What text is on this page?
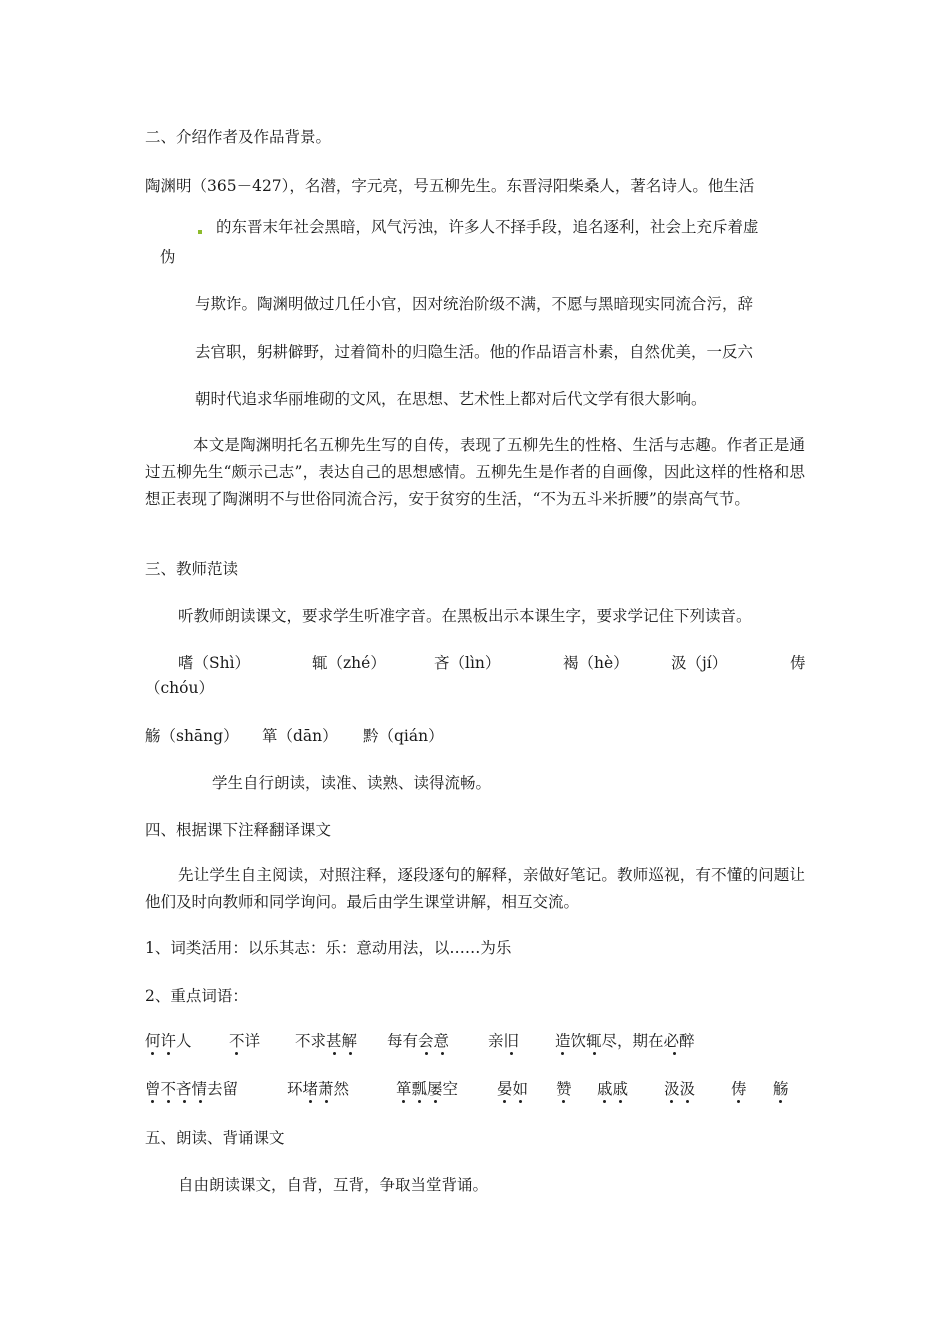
二、介绍作者及作品背景。
陶渊明（365－427），名潜，字元亮，号五柳先生。东晋浔阳柴桑人，著名诗人。他生活
的东晋末年社会黑暗，风气污浊，许多人不择手段，追名逐利，社会上充斥着虚
伪
与欺诈。陶渊明做过几任小官，因对统治阶级不满，不愿与黑暗现实同流合污，辞
去官职，躬耕僻野，过着简朴的归隐生活。他的作品语言朴素，自然优美，一反六
朝时代追求华丽堆砌的文风，在思想、艺术性上都对后代文学有很大影响。
本文是陶渊明托名五柳先生写的自传，表现了五柳先生的性格、生活与志趣。作者正是通过五柳先生“颇示己志”，表达自己的思想感情。五柳先生是作者的自画像，因此这样的性格和思想正表现了陶渊明不与世俗同流合污，安于贫穷的生活，“不为五斗米折腰”的崇高气节。
三、教师范读
听教师朗读课文，要求学生听准字音。在黑板出示本课生字，要求学记住下列读音。
嗜（Shì）	辄（zhé）	吝（lìn）	褐（hè）	汲（jí）	俦
（chóu）
觞（shāng） 箪（dān） 黔（qián）
学生自行朗读，读准、读熟、读得流畅。
四、根据课下注释翻译课文
先让学生自主阅读，对照注释，逐段逐句的解释，亲做好笔记。教师巡视，有不懂的问题让他们及时向教师和同学询问。最后由学生课堂讲解，相互交流。
1、词类活用：以乐其志：乐：意动用法，以……为乐
2、重点词语：
何许人 不详 不求甚解 每有会意	亲旧 造饮辄尽，期在必醉
曾不吝情去留	环堵萧然	箪瓢屡空	晏如 赞 戚戚 汲汲 俦 觞
五、朗读、背诵课文
自由朗读课文，自背，互背，争取当堂背诵。
